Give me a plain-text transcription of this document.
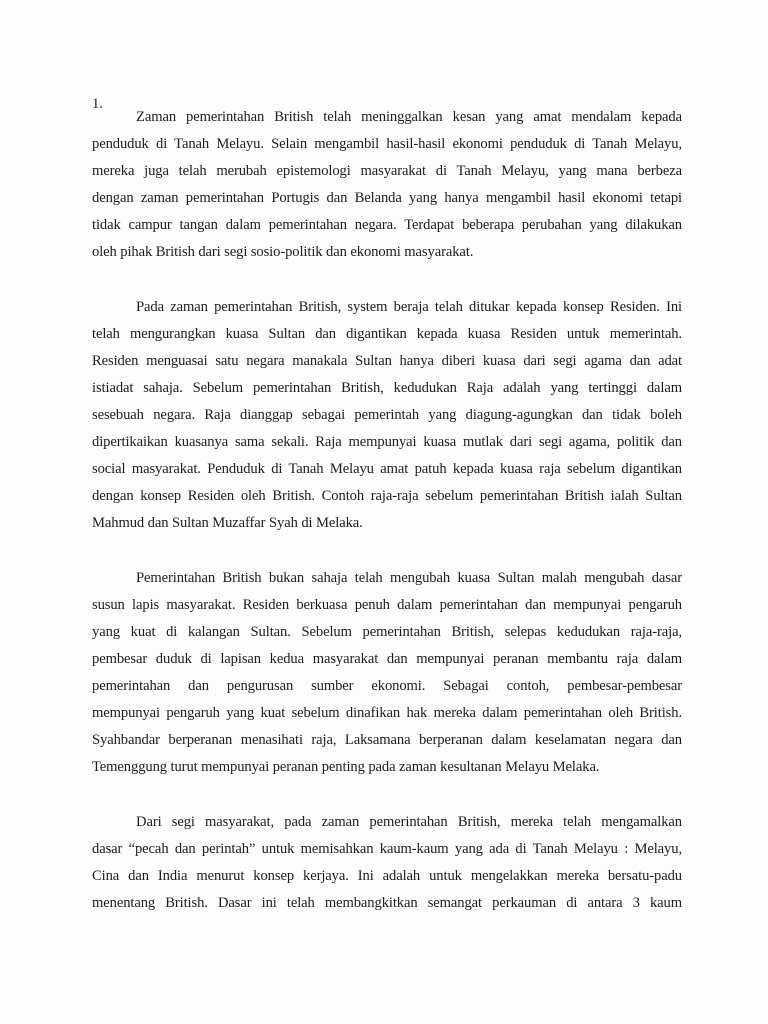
1.
Zaman pemerintahan British telah meninggalkan kesan yang amat mendalam kepada
penduduk di Tanah Melayu. Selain mengambil hasil-hasil ekonomi penduduk di Tanah Melayu,
mereka juga telah merubah epistemologi masyarakat di Tanah Melayu, yang mana berbeza
dengan zaman pemerintahan Portugis dan Belanda yang hanya mengambil hasil ekonomi tetapi
tidak campur tangan dalam pemerintahan negara. Terdapat beberapa perubahan yang dilakukan
oleh pihak British dari segi sosio-politik dan ekonomi masyarakat.
Pada zaman pemerintahan British, system beraja telah ditukar kepada konsep Residen. Ini
telah mengurangkan kuasa Sultan dan digantikan kepada kuasa Residen untuk memerintah.
Residen menguasai satu negara manakala Sultan hanya diberi kuasa dari segi agama dan adat
istiadat sahaja. Sebelum pemerintahan British, kedudukan Raja adalah yang tertinggi dalam
sesebuah negara. Raja dianggap sebagai pemerintah yang diagung-agungkan dan tidak boleh
dipertikaikan kuasanya sama sekali. Raja mempunyai kuasa mutlak dari segi agama, politik dan
social masyarakat. Penduduk di Tanah Melayu amat patuh kepada kuasa raja sebelum digantikan
dengan konsep Residen oleh British. Contoh raja-raja sebelum pemerintahan British ialah Sultan
Mahmud dan Sultan Muzaffar Syah di Melaka.
Pemerintahan British bukan sahaja telah mengubah kuasa Sultan malah mengubah dasar
susun lapis masyarakat. Residen berkuasa penuh dalam pemerintahan dan mempunyai pengaruh
yang kuat di kalangan Sultan. Sebelum pemerintahan British, selepas kedudukan raja-raja,
pembesar duduk di lapisan kedua masyarakat dan mempunyai peranan membantu raja dalam
pemerintahan dan pengurusan sumber ekonomi. Sebagai contoh, pembesar-pembesar
mempunyai pengaruh yang kuat sebelum dinafikan hak mereka dalam pemerintahan oleh British.
Syahbandar berperanan menasihati raja, Laksamana berperanan dalam keselamatan negara dan
Temenggung turut mempunyai peranan penting pada zaman kesultanan Melayu Melaka.
Dari segi masyarakat, pada zaman pemerintahan British, mereka telah mengamalkan
dasar “pecah dan perintah” untuk memisahkan kaum-kaum yang ada di Tanah Melayu : Melayu,
Cina dan India menurut konsep kerjaya. Ini adalah untuk mengelakkan mereka bersatu-padu
menentang British. Dasar ini telah membangkitkan semangat perkauman di antara 3 kaum
